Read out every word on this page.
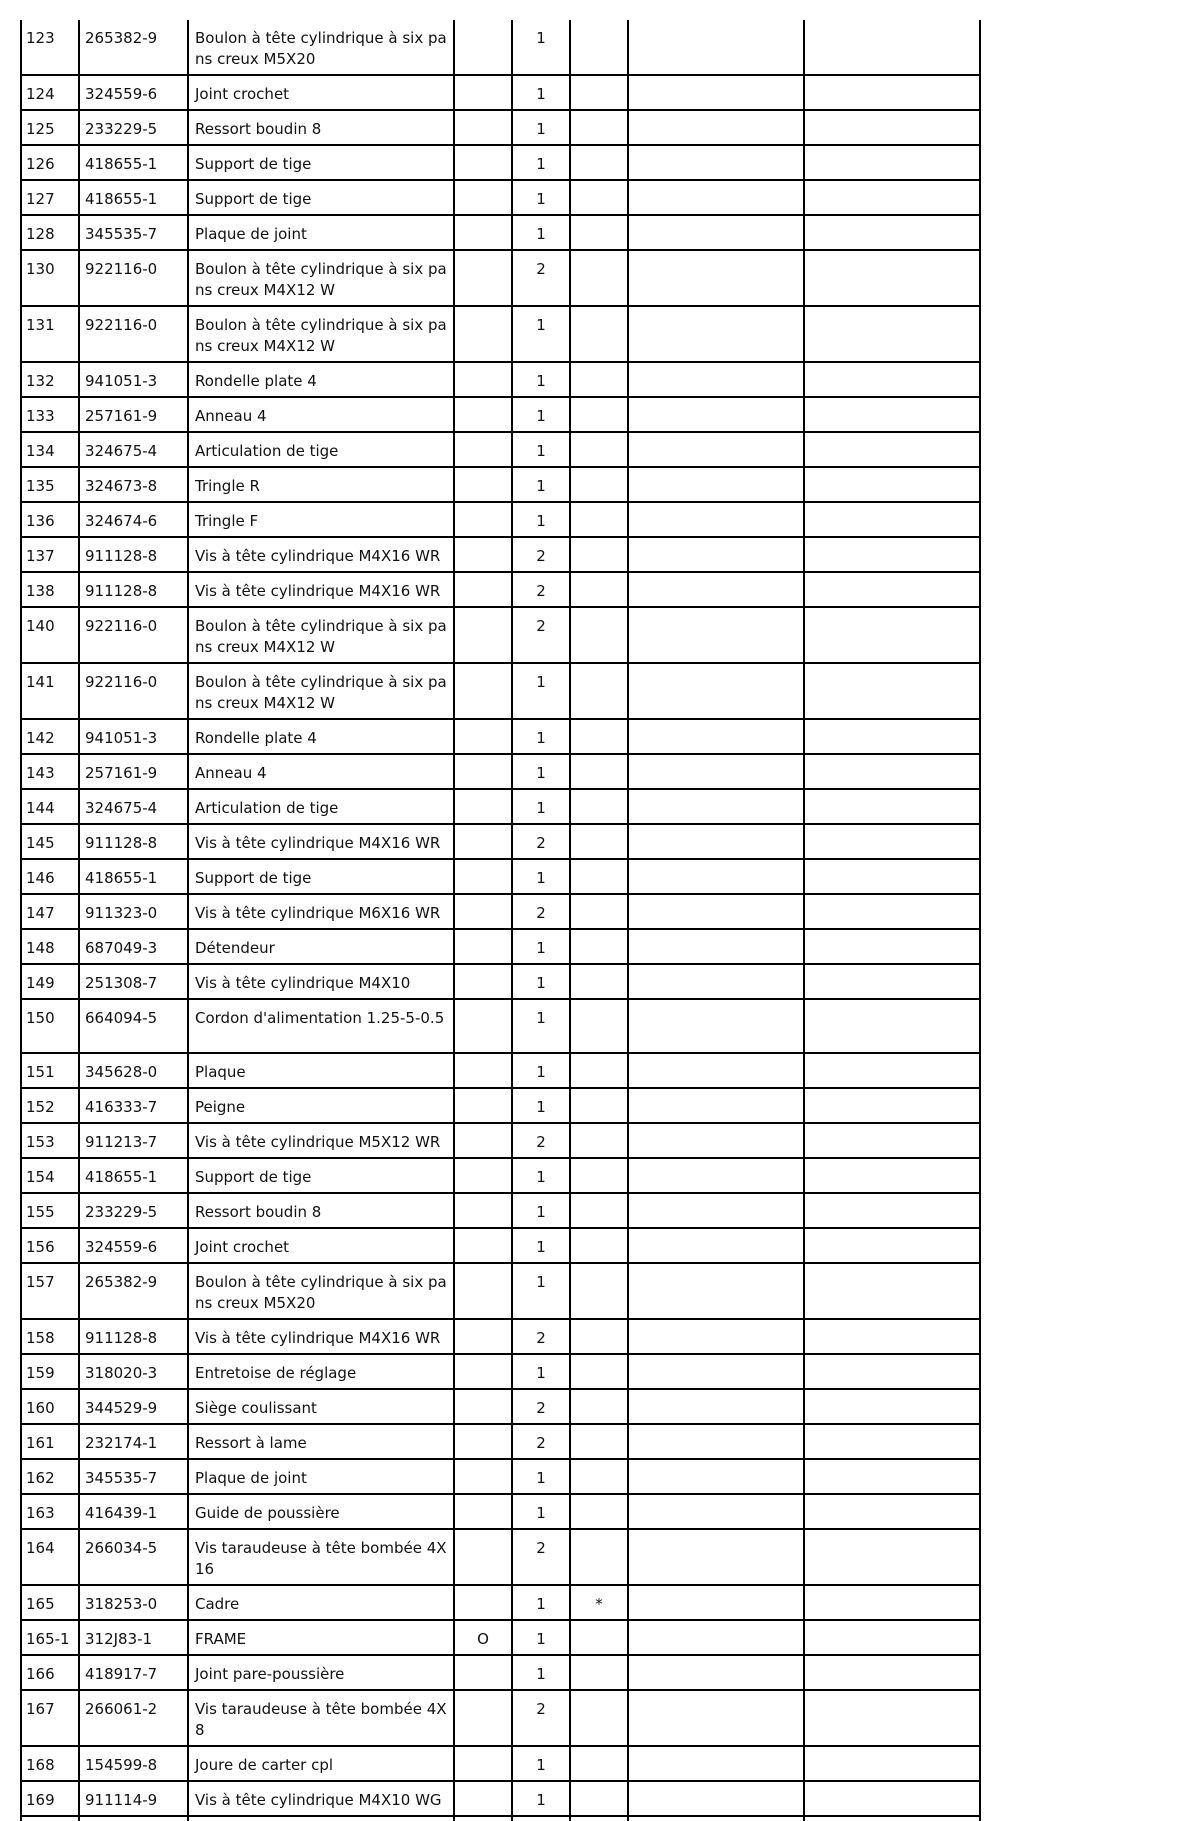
123	265382-9	Boulon à tête cylindrique à six pans creux M5X20		1			
124	324559-6	Joint crochet		1			
125	233229-5	Ressort boudin 8		1			
126	418655-1	Support de tige		1			
127	418655-1	Support de tige		1			
128	345535-7	Plaque de joint		1			
130	922116-0	Boulon à tête cylindrique à six pans creux M4X12 W		2			
131	922116-0	Boulon à tête cylindrique à six pans creux M4X12 W		1			
132	941051-3	Rondelle plate 4		1			
133	257161-9	Anneau 4		1			
134	324675-4	Articulation de tige		1			
135	324673-8	Tringle R		1			
136	324674-6	Tringle F		1			
137	911128-8	Vis à tête cylindrique M4X16 WR		2			
138	911128-8	Vis à tête cylindrique M4X16 WR		2			
140	922116-0	Boulon à tête cylindrique à six pans creux M4X12 W		2			
141	922116-0	Boulon à tête cylindrique à six pans creux M4X12 W		1			
142	941051-3	Rondelle plate 4		1			
143	257161-9	Anneau 4		1			
144	324675-4	Articulation de tige		1			
145	911128-8	Vis à tête cylindrique M4X16 WR		2			
146	418655-1	Support de tige		1			
147	911323-0	Vis à tête cylindrique M6X16 WR		2			
148	687049-3	Détendeur		1			
149	251308-7	Vis à tête cylindrique M4X10		1			
150	664094-5	Cordon d'alimentation 1.25-5-0.5		1			
151	345628-0	Plaque		1			
152	416333-7	Peigne		1			
153	911213-7	Vis à tête cylindrique M5X12 WR		2			
154	418655-1	Support de tige		1			
155	233229-5	Ressort boudin 8		1			
156	324559-6	Joint crochet		1			
157	265382-9	Boulon à tête cylindrique à six pans creux M5X20		1			
158	911128-8	Vis à tête cylindrique M4X16 WR		2			
159	318020-3	Entretoise de réglage		1			
160	344529-9	Siège coulissant		2			
161	232174-1	Ressort à lame		2			
162	345535-7	Plaque de joint		1			
163	416439-1	Guide de poussière		1			
164	266034-5	Vis taraudeuse à tête bombée 4X16		2			
165	318253-0	Cadre		1	*		
165-1	312J83-1	FRAME	O	1			
166	418917-7	Joint pare-poussière		1			
167	266061-2	Vis taraudeuse à tête bombée 4X8		2			
168	154599-8	Joure de carter cpl		1			
169	911114-9	Vis à tête cylindrique M4X10 WG		1			
